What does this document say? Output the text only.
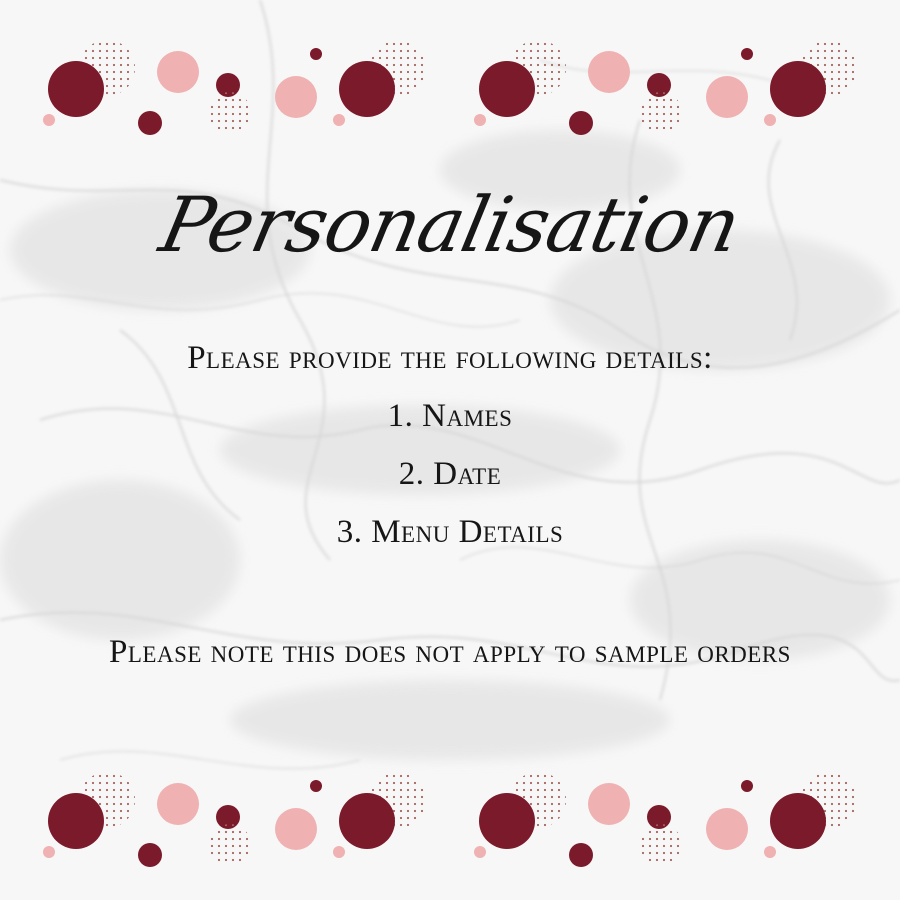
Personalisation
Please provide the following details:
1. Names
2. Date
3. Menu Details
Please note this does not apply to sample orders
